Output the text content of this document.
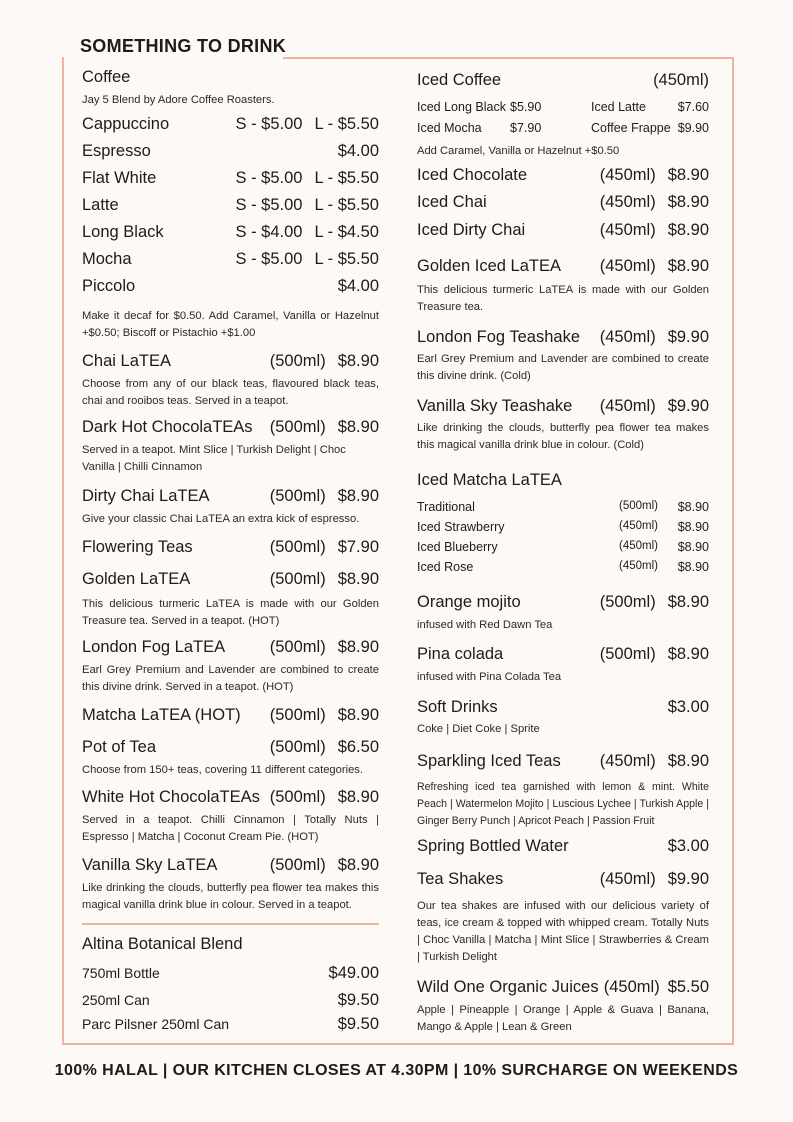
SOMETHING TO DRINK
Coffee
Jay 5 Blend by Adore Coffee Roasters.
Cappuccino	S - $5.00 L - $5.50
Espresso	$4.00
Flat White	S - $5.00 L - $5.50
Latte	S - $5.00 L - $5.50
Long Black	S - $4.00 L - $4.50
Mocha	S - $5.00 L - $5.50
Piccolo	$4.00
Make it decaf for $0.50. Add Caramel, Vanilla or Hazelnut +$0.50; Biscoff or Pistachio +$1.00
Chai LaTEA	(500ml) $8.90
Choose from any of our black teas, flavoured black teas, chai and rooibos teas. Served in a teapot.
Dark Hot ChocolaTEAs	(500ml) $8.90
Served in a teapot. Mint Slice | Turkish Delight | Choc Vanilla | Chilli Cinnamon
Dirty Chai LaTEA	(500ml) $8.90
Give your classic Chai LaTEA an extra kick of espresso.
Flowering Teas	(500ml) $7.90
Golden LaTEA	(500ml) $8.90
This delicious turmeric LaTEA is made with our Golden Treasure tea. Served in a teapot. (HOT)
London Fog LaTEA	(500ml) $8.90
Earl Grey Premium and Lavender are combined to create this divine drink. Served in a teapot. (HOT)
Matcha LaTEA (HOT)	(500ml) $8.90
Pot of Tea	(500ml) $6.50
Choose from 150+ teas, covering 11 different categories.
White Hot ChocolaTEAs (500ml) $8.90
Served in a teapot. Chilli Cinnamon | Totally Nuts | Espresso | Matcha | Coconut Cream Pie. (HOT)
Vanilla Sky LaTEA	(500ml) $8.90
Like drinking the clouds, butterfly pea flower tea makes this magical vanilla drink blue in colour. Served in a teapot.
Altina Botanical Blend
750ml Bottle	$49.00
250ml Can	$9.50
Parc Pilsner 250ml Can	$9.50
Iced Coffee	(450ml)
Iced Long Black $5.90	Iced Latte	$7.60
Iced Mocha $7.90	Coffee Frappe $9.90
Add Caramel, Vanilla or Hazelnut +$0.50
Iced Chocolate	(450ml) $8.90
Iced Chai	(450ml) $8.90
Iced Dirty Chai	(450ml) $8.90
Golden Iced LaTEA	(450ml) $8.90
This delicious turmeric LaTEA is made with our Golden Treasure tea.
London Fog Teashake	(450ml) $9.90
Earl Grey Premium and Lavender are combined to create this divine drink. (Cold)
Vanilla Sky Teashake	(450ml) $9.90
Like drinking the clouds, butterfly pea flower tea makes this magical vanilla drink blue in colour. (Cold)
Iced Matcha LaTEA
Traditional	(500ml) $8.90
Iced Strawberry	(450ml) $8.90
Iced Blueberry	(450ml) $8.90
Iced Rose	(450ml) $8.90
Orange mojito	(500ml) $8.90
infused with Red Dawn Tea
Pina colada	(500ml) $8.90
infused with Pina Colada Tea
Soft Drinks	$3.00
Coke | Diet Coke | Sprite
Sparkling Iced Teas	(450ml) $8.90
Refreshing iced tea garnished with lemon & mint. White Peach | Watermelon Mojito | Luscious Lychee | Turkish Apple | Ginger Berry Punch | Apricot Peach | Passion Fruit
Spring Bottled Water	$3.00
Tea Shakes	(450ml) $9.90
Our tea shakes are infused with our delicious variety of teas, ice cream & topped with whipped cream. Totally Nuts | Choc Vanilla | Matcha | Mint Slice | Strawberries & Cream | Turkish Delight
Wild One Organic Juices (450ml) $5.50
Apple | Pineapple | Orange | Apple & Guava | Banana, Mango & Apple | Lean & Green
100% HALAL | OUR KITCHEN CLOSES AT 4.30PM | 10% SURCHARGE ON WEEKENDS
